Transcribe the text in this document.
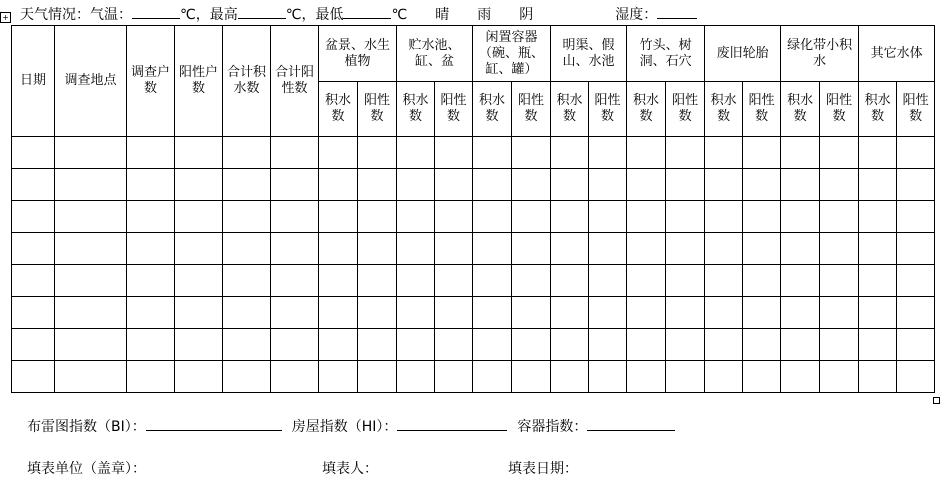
+ 天气情况：气温：	℃，最高	℃，最低	℃ 晴 雨 阴	湿度：
日期	调查地点	调查户数	阳性户数	合计积水数	合计阳性数	盆景、水生植物		贮水池、缸、盆		闲置容器（碗、瓶、缸、罐）		明渠、假山、水池		竹头、树洞、石穴		废旧轮胎		绿化带小积水		其它水体	
						积水数	阳性数	积水数	阳性数	积水数	阳性数	积水数	阳性数	积水数	阳性数	积水数	阳性数	积水数	阳性数	积水数	阳性数

布雷图指数（BI）：	房屋指数（HI）：	容器指数：
填表单位（盖章）：	填表人：	填表日期：
